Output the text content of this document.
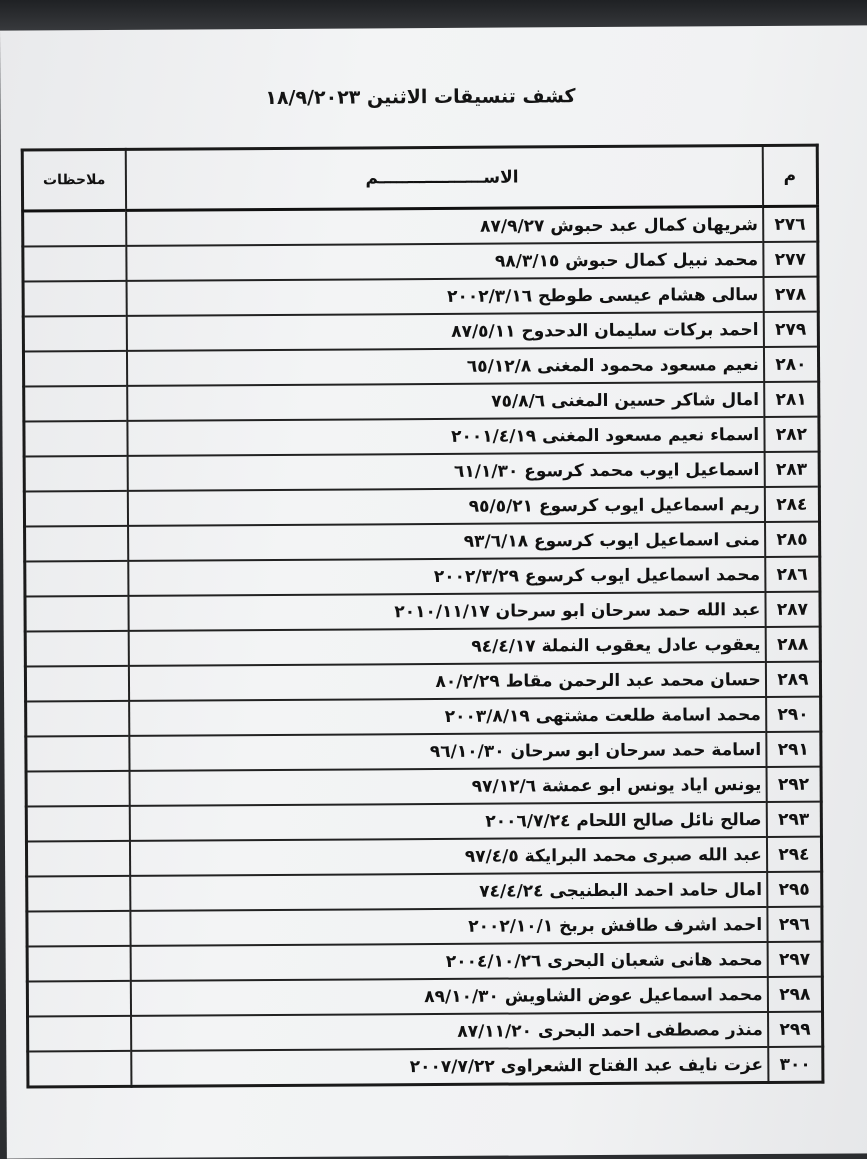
كشف تنسيقات الاثنين ١٨/٩/٢٠٢٣
م	الاســــــــــــــــــم	ملاحظات
٢٧٦	شريهان كمال عبد حبوش ٨٧/٩/٢٧	
٢٧٧	محمد نبيل كمال حبوش ٩٨/٣/١٥	
٢٧٨	سالى هشام عيسى طوطح ٢٠٠٢/٣/١٦	
٢٧٩	احمد بركات سليمان الدحدوح ٨٧/٥/١١	
٢٨٠	نعيم مسعود محمود المغنى ٦٥/١٢/٨	
٢٨١	امال شاكر حسين المغنى ٧٥/٨/٦	
٢٨٢	اسماء نعيم مسعود المغنى ٢٠٠١/٤/١٩	
٢٨٣	اسماعيل ايوب محمد كرسوع ٦١/١/٣٠	
٢٨٤	ريم اسماعيل ايوب كرسوع ٩٥/٥/٢١	
٢٨٥	منى اسماعيل ايوب كرسوع ٩٣/٦/١٨	
٢٨٦	محمد اسماعيل ايوب كرسوع ٢٠٠٢/٣/٢٩	
٢٨٧	عبد الله حمد سرحان ابو سرحان ٢٠١٠/١١/١٧	
٢٨٨	يعقوب عادل يعقوب النملة ٩٤/٤/١٧	
٢٨٩	حسان محمد عبد الرحمن مقاط ٨٠/٢/٢٩	
٢٩٠	محمد اسامة طلعت مشتهى ٢٠٠٣/٨/١٩	
٢٩١	اسامة حمد سرحان ابو سرحان ٩٦/١٠/٣٠	
٢٩٢	يونس اياد يونس ابو عمشة ٩٧/١٢/٦	
٢٩٣	صالح نائل صالح اللحام ٢٠٠٦/٧/٢٤	
٢٩٤	عبد الله صبرى محمد البرايكة ٩٧/٤/٥	
٢٩٥	امال حامد احمد البطنيجى ٧٤/٤/٢٤	
٢٩٦	احمد اشرف طافش بربخ ٢٠٠٢/١٠/١	
٢٩٧	محمد هانى شعبان البحرى ٢٠٠٤/١٠/٢٦	
٢٩٨	محمد اسماعيل عوض الشاويش ٨٩/١٠/٣٠	
٢٩٩	منذر مصطفى احمد البحرى ٨٧/١١/٢٠	
٣٠٠	عزت نايف عبد الفتاح الشعراوى ٢٠٠٧/٧/٢٢	
